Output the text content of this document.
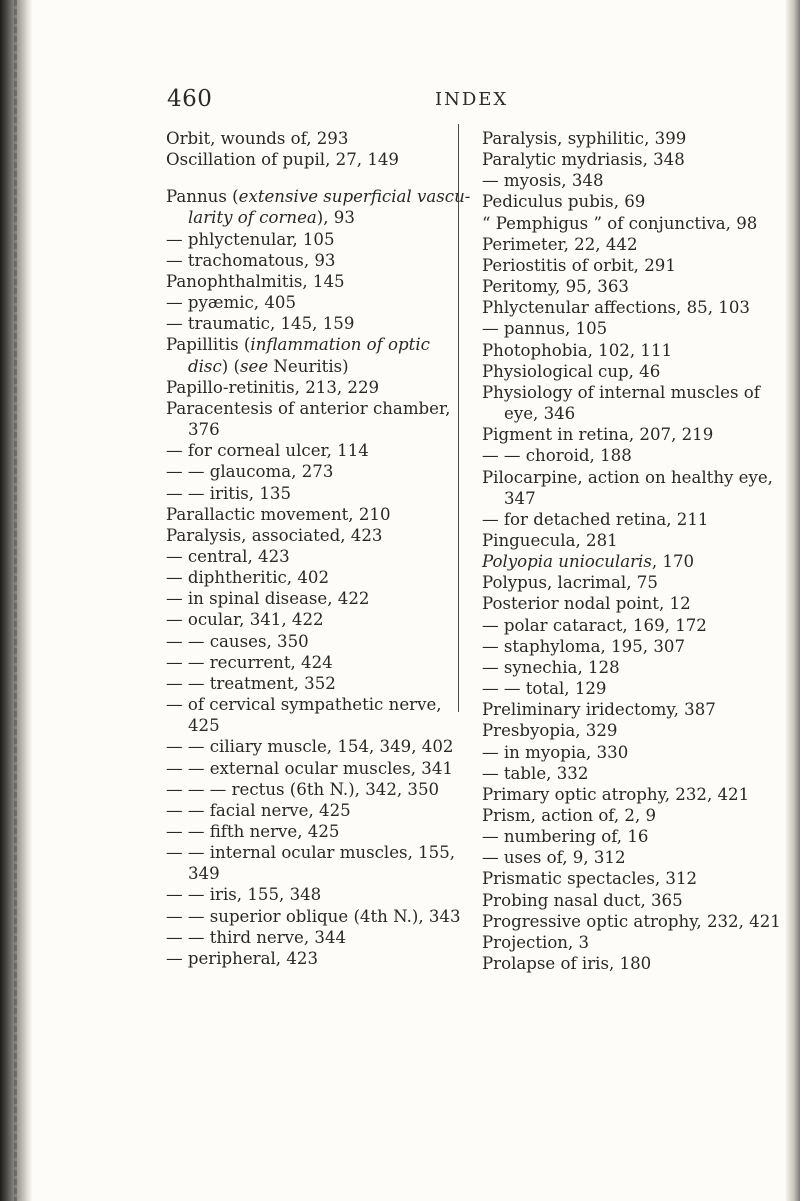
460	INDEX
Orbit, wounds of, 293
Oscillation of pupil, 27, 149
Pannus (extensive superficial vascu-
larity of cornea), 93
— phlyctenular, 105
— trachomatous, 93
Panophthalmitis, 145
— pyæmic, 405
— traumatic, 145, 159
Papillitis (inflammation of optic
disc) (see Neuritis)
Papillo-retinitis, 213, 229
Paracentesis of anterior chamber,
376
— for corneal ulcer, 114
— — glaucoma, 273
— — iritis, 135
Parallactic movement, 210
Paralysis, associated, 423
— central, 423
— diphtheritic, 402
— in spinal disease, 422
— ocular, 341, 422
— — causes, 350
— — recurrent, 424
— — treatment, 352
— of cervical sympathetic nerve,
425
— — ciliary muscle, 154, 349, 402
— — external ocular muscles, 341
— — — rectus (6th N.), 342, 350
— — facial nerve, 425
— — fifth nerve, 425
— — internal ocular muscles, 155,
349
— — iris, 155, 348
— — superior oblique (4th N.), 343
— — third nerve, 344
— peripheral, 423
Paralysis, syphilitic, 399
Paralytic mydriasis, 348
— myosis, 348
Pediculus pubis, 69
“ Pemphigus ” of conjunctiva, 98
Perimeter, 22, 442
Periostitis of orbit, 291
Peritomy, 95, 363
Phlyctenular affections, 85, 103
— pannus, 105
Photophobia, 102, 111
Physiological cup, 46
Physiology of internal muscles of
eye, 346
Pigment in retina, 207, 219
— — choroid, 188
Pilocarpine, action on healthy eye,
347
— for detached retina, 211
Pinguecula, 281
Polyopia uniocularis, 170
Polypus, lacrimal, 75
Posterior nodal point, 12
— polar cataract, 169, 172
— staphyloma, 195, 307
— synechia, 128
— — total, 129
Preliminary iridectomy, 387
Presbyopia, 329
— in myopia, 330
— table, 332
Primary optic atrophy, 232, 421
Prism, action of, 2, 9
— numbering of, 16
— uses of, 9, 312
Prismatic spectacles, 312
Probing nasal duct, 365
Progressive optic atrophy, 232, 421
Projection, 3
Prolapse of iris, 180
